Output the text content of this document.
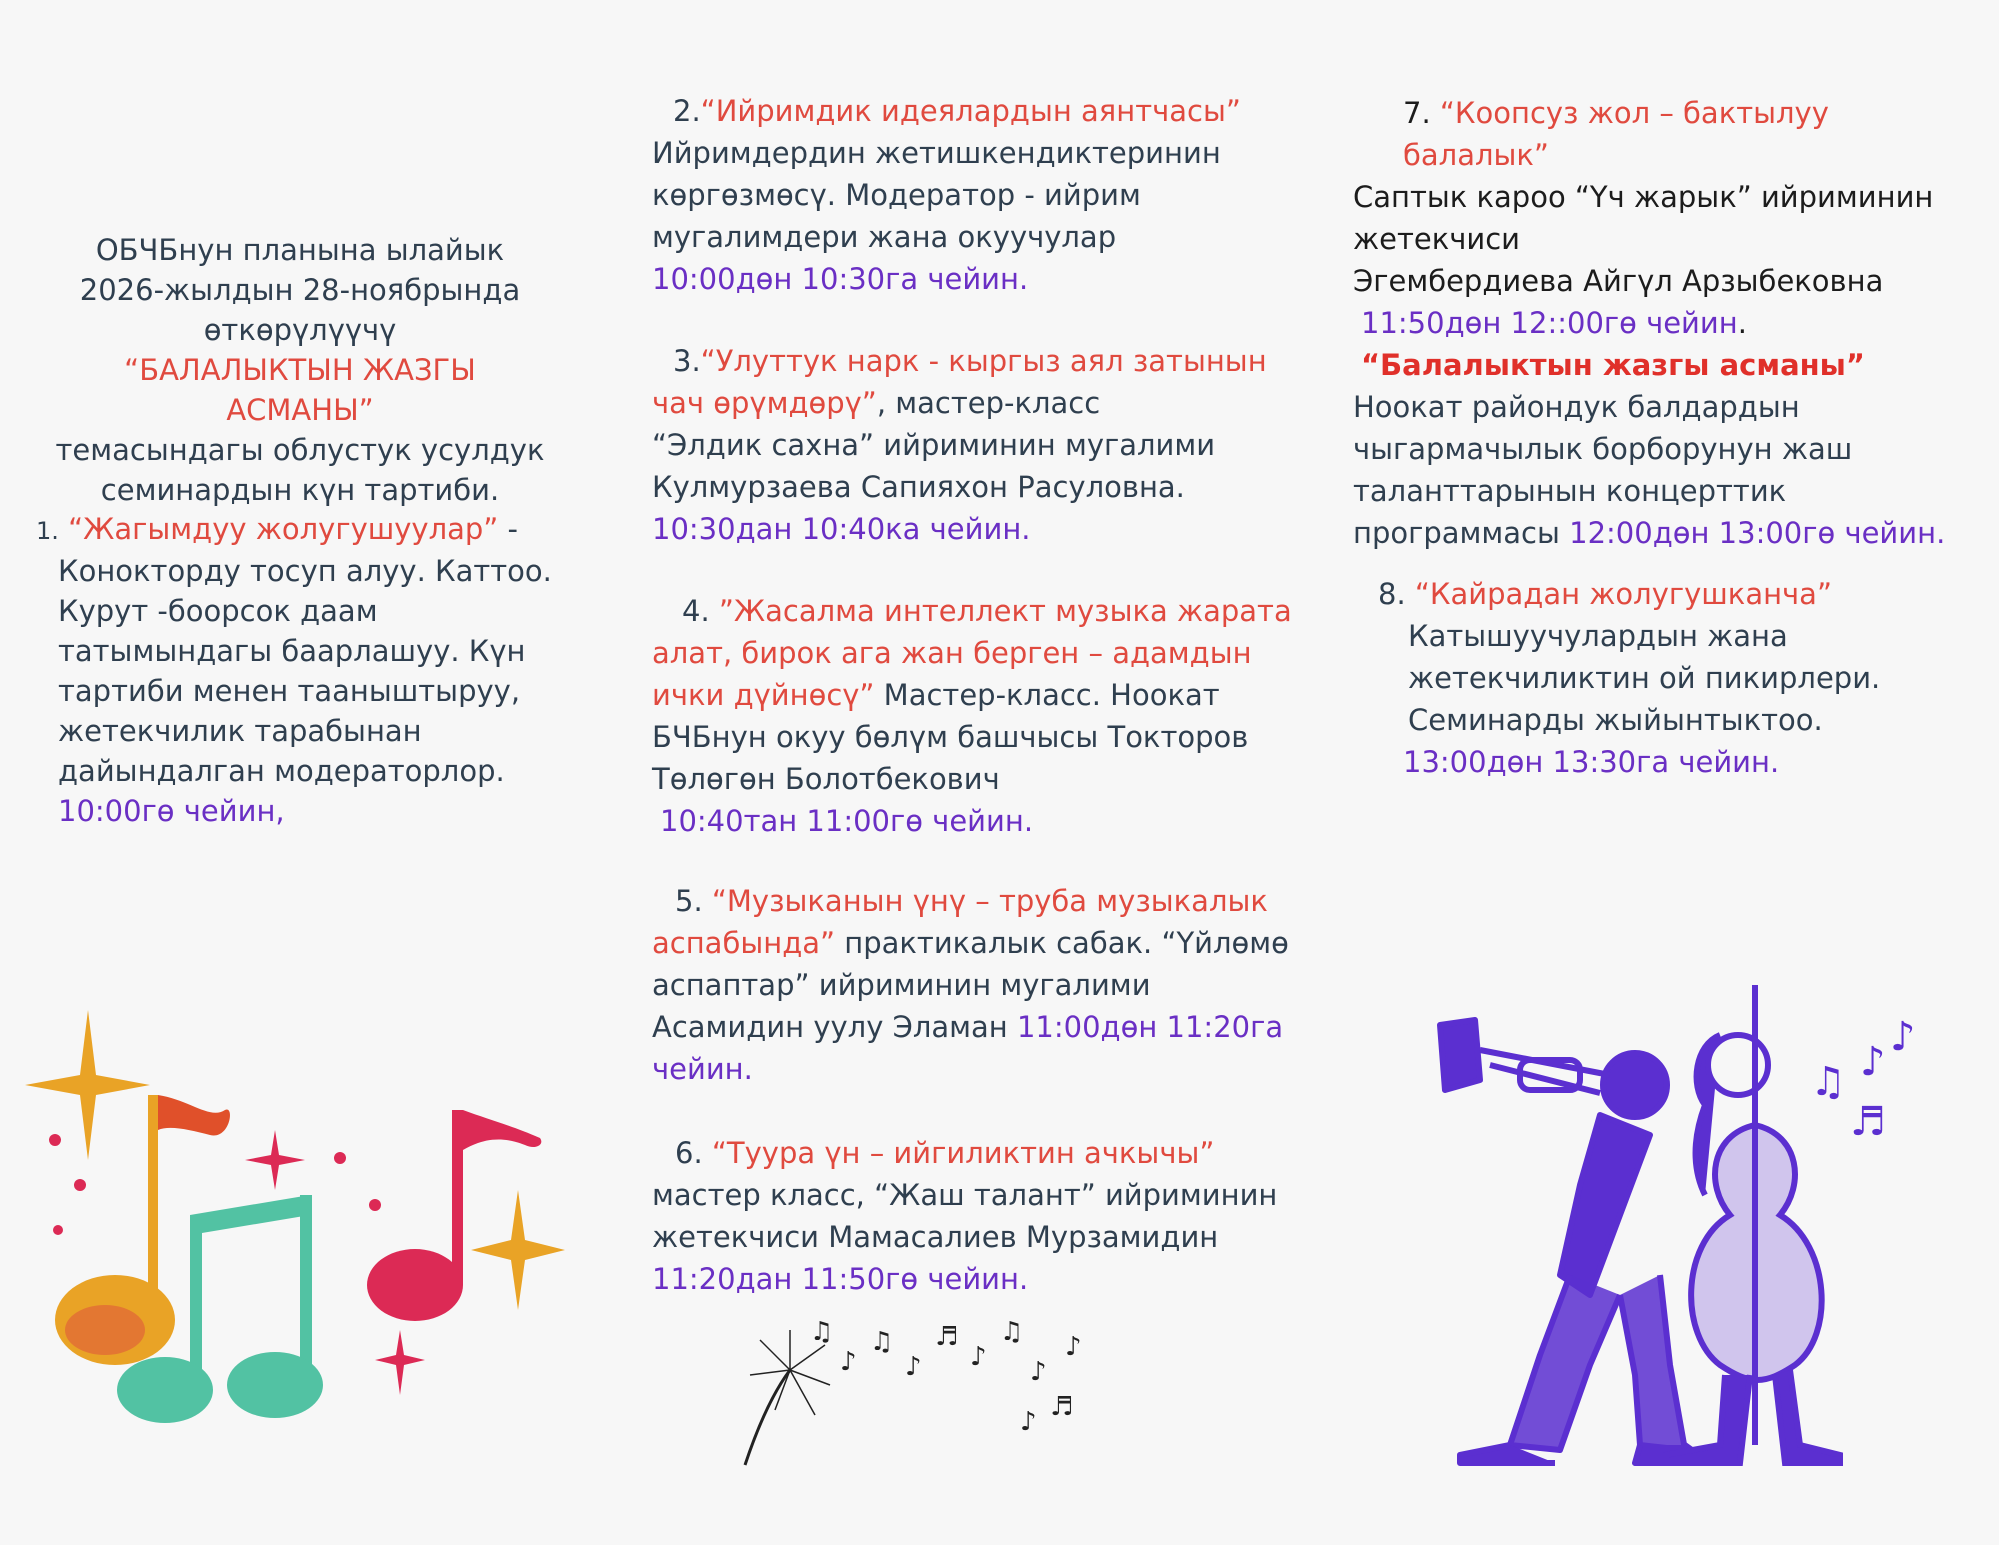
ОБЧБнун планына ылайык
2026-жылдын 28-ноябрында
өткөрүлүүчү
“БАЛАЛЫКТЫН ЖАЗГЫ АСМАНЫ”
темасындагы облустук усулдук
семинардын күн тартиби.
1. “Жагымдуу жолугушуулар” -
Конокторду тосуп алуу. Каттоо. Курут -боорсок даам татымындагы баарлашуу. Күн тартиби менен тааныштыруу, жетекчилик тарабынан дайындалган модераторлор. 10:00гө чейин,
2.“Ийримдик идеялардын аянтчасы”
Ийримдердин жетишкендиктеринин көргөзмөсү. Модератор - ийрим мугалимдери жана окуучулар
10:00дөн 10:30га чейин.
3.“Улуттук нарк - кыргыз аял затынын чач өрүмдөрү”, мастер-класс
“Элдик сахна” ийриминин мугалими Кулмурзаева Сапияхон Расуловна.
10:30дан 10:40ка чейин.
4. ”Жасалма интеллект музыка жарата алат, бирок ага жан берген – адамдын ички дүйнөсү” Мастер-класс. Ноокат БЧБнун окуу бөлүм башчысы Токторов Төлөгөн Болотбекович
10:40тан 11:00гө чейин.
5. “Музыканын үнү – труба музыкалык аспабында” практикалык сабак. “Үйлөмө аспаптар” ийриминин мугалими Асамидин уулу Эламан 11:00дөн 11:20га чейин.
6. “Туура үн – ийгиликтин ачкычы”
мастер класс, “Жаш талант” ийриминин жетекчиси Мамасалиев Мурзамидин
11:20дан 11:50гө чейин.
7. “Коопсуз жол – бактылуу балалык”
Саптык кароо “Үч жарык” ийриминин жетекчиси
Эгембердиева Айгүл Арзыбековна
11:50дөн 12::00гө чейин.
“Балалыктын жазгы асманы”
Ноокат райондук балдардын чыгармачылык борборунун жаш таланттарынын концерттик программасы 12:00дөн 13:00гө чейин.
8. “Кайрадан жолугушканча”
Катышуучулардын жана жетекчиликтин ой пикирлери. Семинарды жыйынтыктоо.
13:00дөн 13:30га чейин.
♪
♫
♪
♬
♪
♫
♪
♬
♪
♪
♫
♫ ♪
♬
♪
